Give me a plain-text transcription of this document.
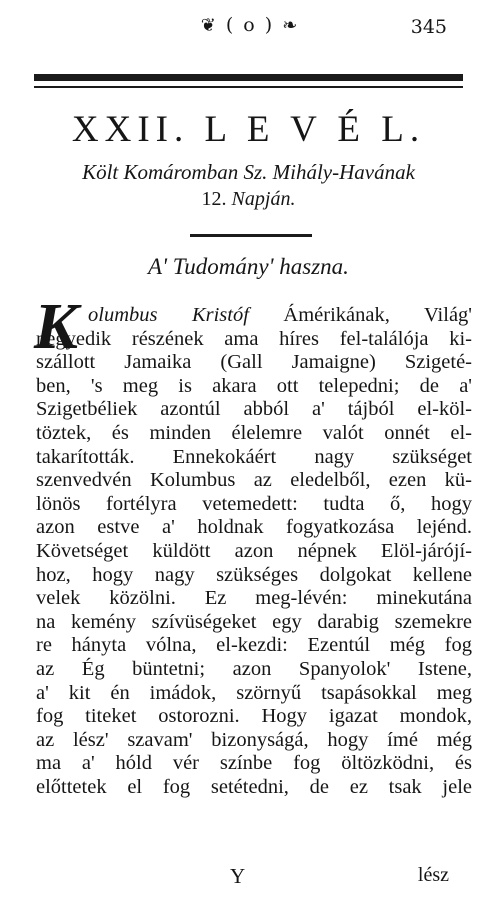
❦ ( o ) ❧	345
XXII. L E V É L.
Költ Komáromban Sz. Mihály-Havának
12. Napján.
A' Tudomány' haszna.
K olumbus Kristóf Ámérikának, Világ'
negyedik részének ama híres fel-találója ki-
szállott Jamaika (Gall Jamaigne) Szigeté-
ben, 's meg is akara ott telepedni; de a'
Szigetbéliek azontúl abból a' tájból el-köl-
töztek, és minden élelemre valót onnét el-
takarították. Ennekokáért nagy szükséget
szenvedvén Kolumbus az eledelből, ezen kü-
lönös fortélyra vetemedett: tudta ő, hogy
azon estve a' holdnak fogyatkozása lejénd.
Követséget küldött azon népnek Elöl-járójí-
hoz, hogy nagy szükséges dolgokat kellene
velek közölni. Ez meg-lévén: minekutána
na kemény szívüségeket egy darabig szemekre
re hányta vólna, el-kezdi: Ezentúl még fog
az Ég büntetni; azon Spanyolok' Istene,
a' kit én imádok, szörnyű tsapásokkal meg
fog titeket ostorozni. Hogy igazat mondok,
az lész' szavam' bizonyságá, hogy ímé még
ma a' hóld vér színbe fog öltözködni, és
előttetek el fog setétedni, de ez tsak jele
Y	lész
